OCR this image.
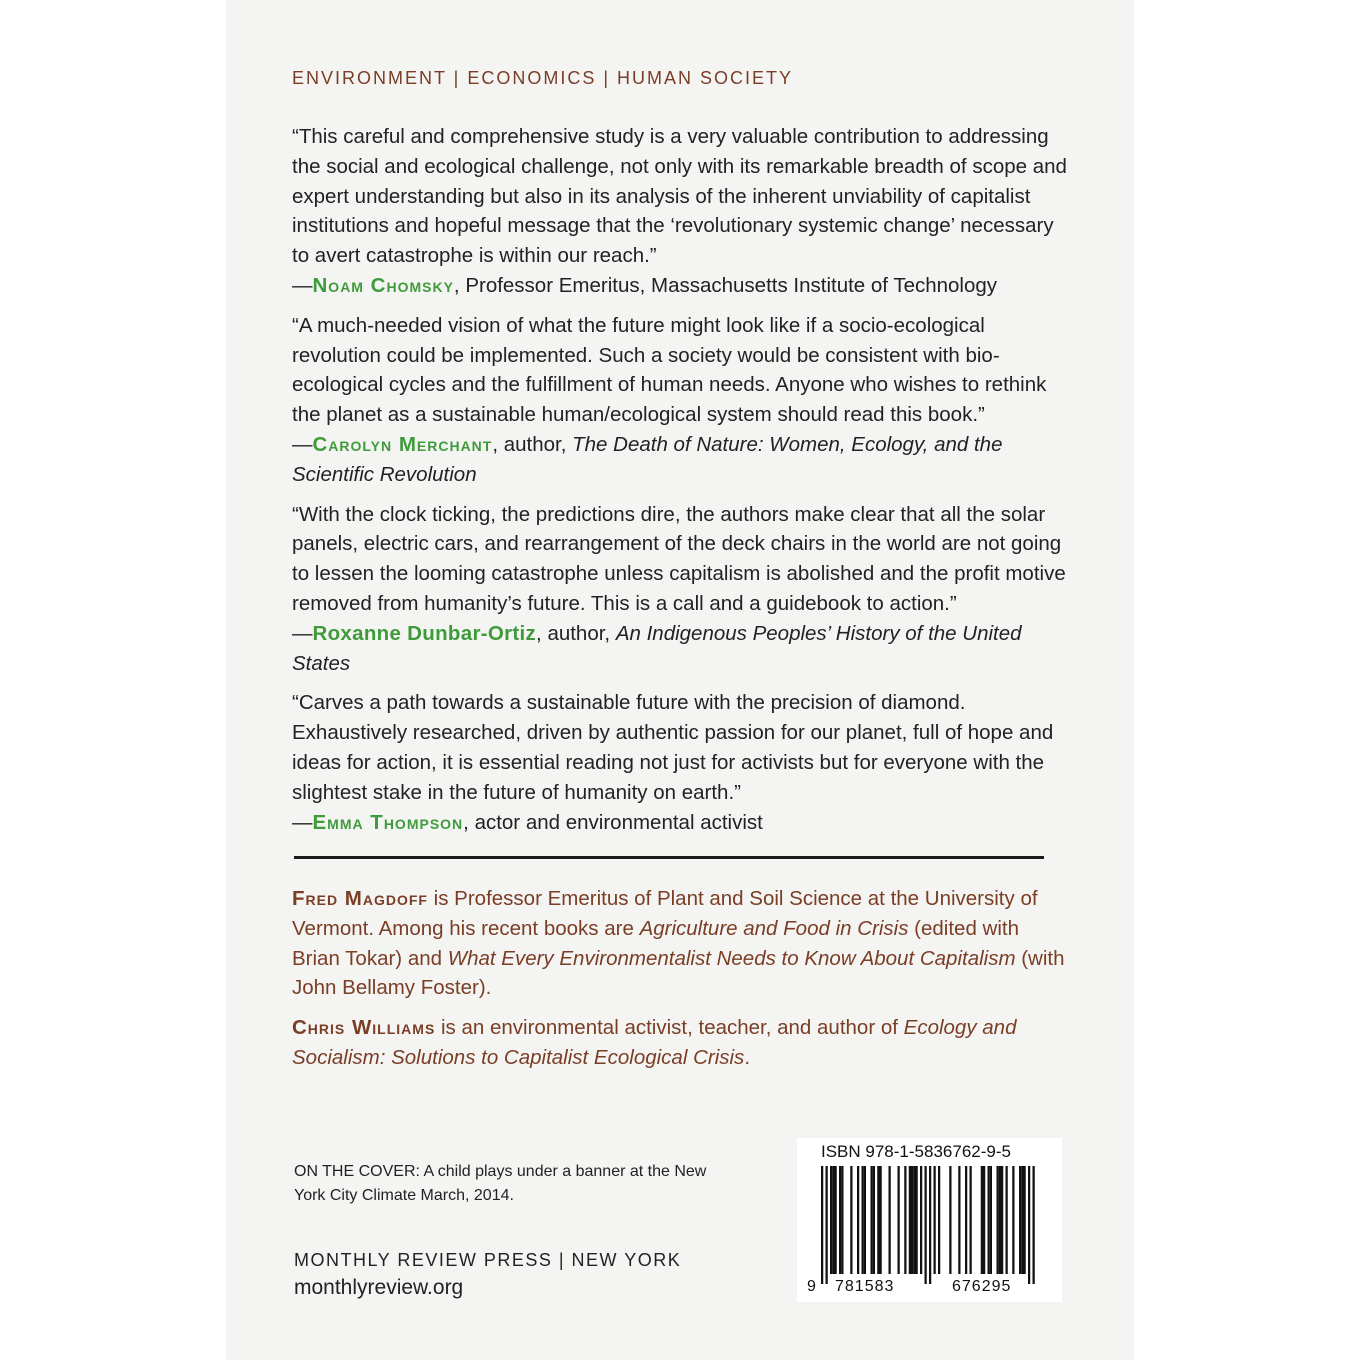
ENVIRONMENT | ECONOMICS | HUMAN SOCIETY
“This careful and comprehensive study is a very valuable contribution to addressing the social and ecological challenge, not only with its remarkable breadth of scope and expert understanding but also in its analysis of the inherent unviability of capitalist institutions and hopeful message that the ‘revolutionary systemic change’ necessary to avert catastrophe is within our reach.”
—Noam Chomsky, Professor Emeritus, Massachusetts Institute of Technology
“A much-needed vision of what the future might look like if a socio-ecological revolution could be implemented. Such a society would be consistent with bio-ecological cycles and the fulfillment of human needs. Anyone who wishes to rethink the planet as a sustainable human/ecological system should read this book.”
—Carolyn Merchant, author, The Death of Nature: Women, Ecology, and the Scientific Revolution
“With the clock ticking, the predictions dire, the authors make clear that all the solar panels, electric cars, and rearrangement of the deck chairs in the world are not going to lessen the looming catastrophe unless capitalism is abolished and the profit motive removed from humanity’s future. This is a call and a guidebook to action.”
—Roxanne Dunbar-Ortiz, author, An Indigenous Peoples’ History of the United States
“Carves a path towards a sustainable future with the precision of diamond. Exhaustively researched, driven by authentic passion for our planet, full of hope and ideas for action, it is essential reading not just for activists but for everyone with the slightest stake in the future of humanity on earth.”
—Emma Thompson, actor and environmental activist
Fred Magdoff is Professor Emeritus of Plant and Soil Science at the University of Vermont. Among his recent books are Agriculture and Food in Crisis (edited with Brian Tokar) and What Every Environmentalist Needs to Know About Capitalism (with John Bellamy Foster).
Chris Williams is an environmental activist, teacher, and author of Ecology and Socialism: Solutions to Capitalist Ecological Crisis.
ON THE COVER: A child plays under a banner at the New York City Climate March, 2014.
MONTHLY REVIEW PRESS | NEW YORK
monthlyreview.org
ISBN 978-1-5836762-9-5
9 781583	676295
